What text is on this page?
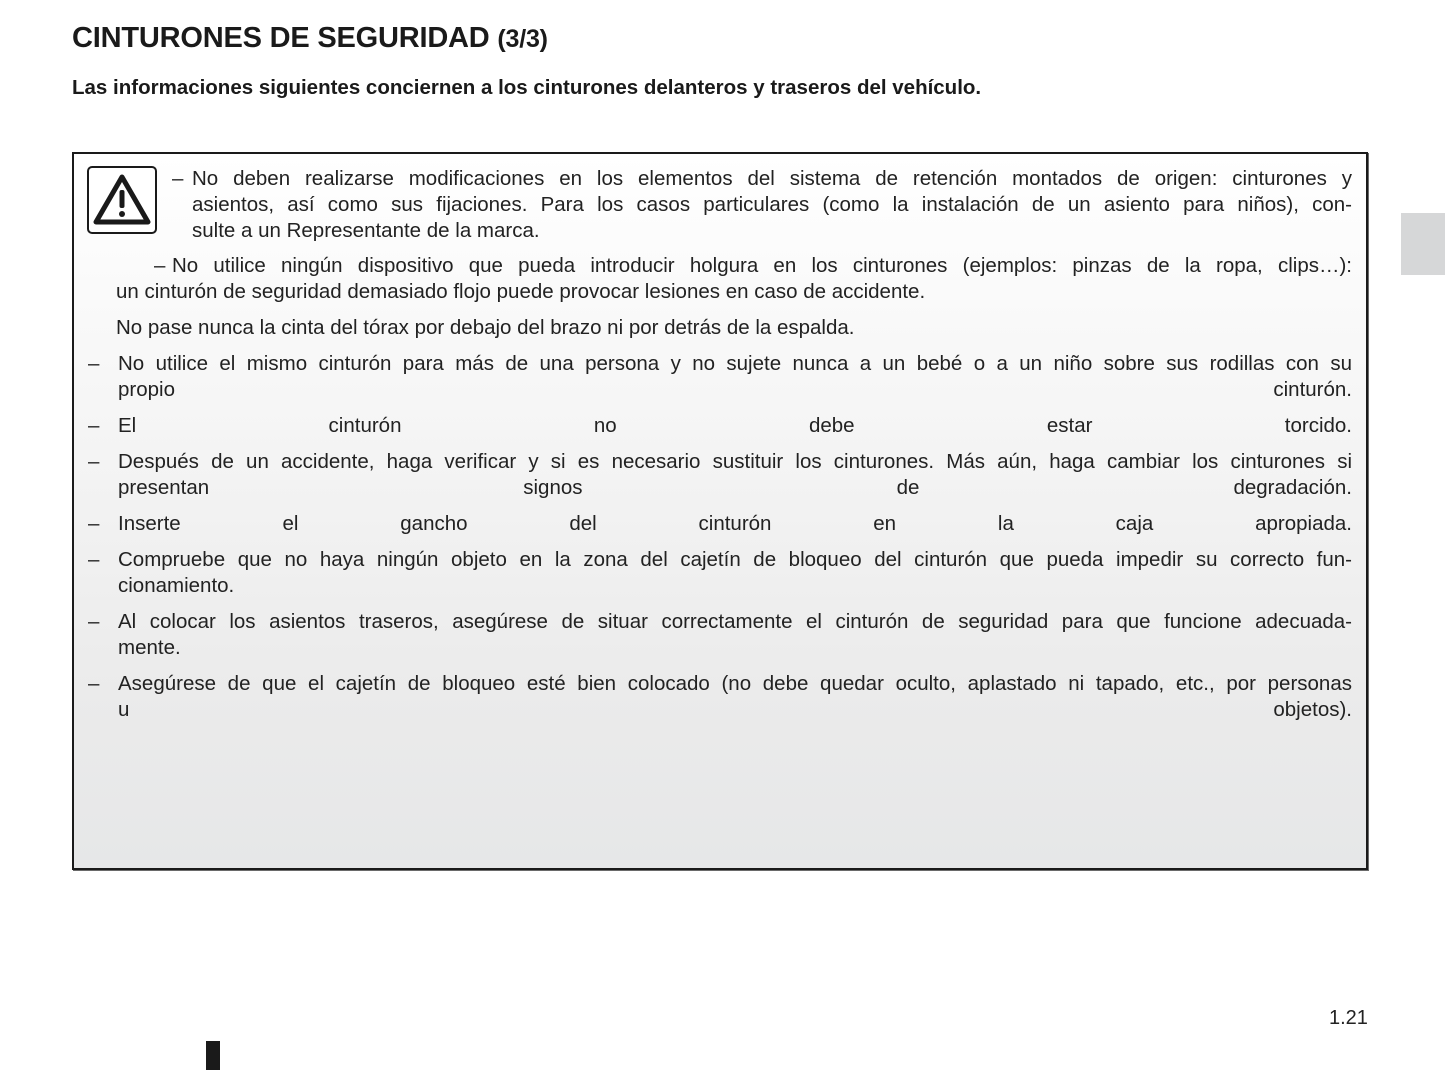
CINTURONES DE SEGURIDAD (3/3)
Las informaciones siguientes conciernen a los cinturones delanteros y traseros del vehículo.
– No deben realizarse modificaciones en los elementos del sistema de retención montados de origen: cinturones y
asientos, así como sus fijaciones. Para los casos particulares (como la instalación de un asiento para niños), con-
sulte a un Representante de la marca.
– No utilice ningún dispositivo que pueda introducir holgura en los cinturones (ejemplos: pinzas de la ropa, clips…):
un cinturón de seguridad demasiado flojo puede provocar lesiones en caso de accidente.
No pase nunca la cinta del tórax por debajo del brazo ni por detrás de la espalda.
– No utilice el mismo cinturón para más de una persona y no sujete nunca a un bebé o a un niño sobre sus rodillas con su
propio cinturón.
– El cinturón no debe estar torcido.
– Después de un accidente, haga verificar y si es necesario sustituir los cinturones. Más aún, haga cambiar los cinturones si
presentan signos de degradación.
– Inserte el gancho del cinturón en la caja apropiada.
– Compruebe que no haya ningún objeto en la zona del cajetín de bloqueo del cinturón que pueda impedir su correcto fun-
cionamiento.
– Al colocar los asientos traseros, asegúrese de situar correctamente el cinturón de seguridad para que funcione adecuada-
mente.
– Asegúrese de que el cajetín de bloqueo esté bien colocado (no debe quedar oculto, aplastado ni tapado, etc., por personas
u objetos).
1.21
